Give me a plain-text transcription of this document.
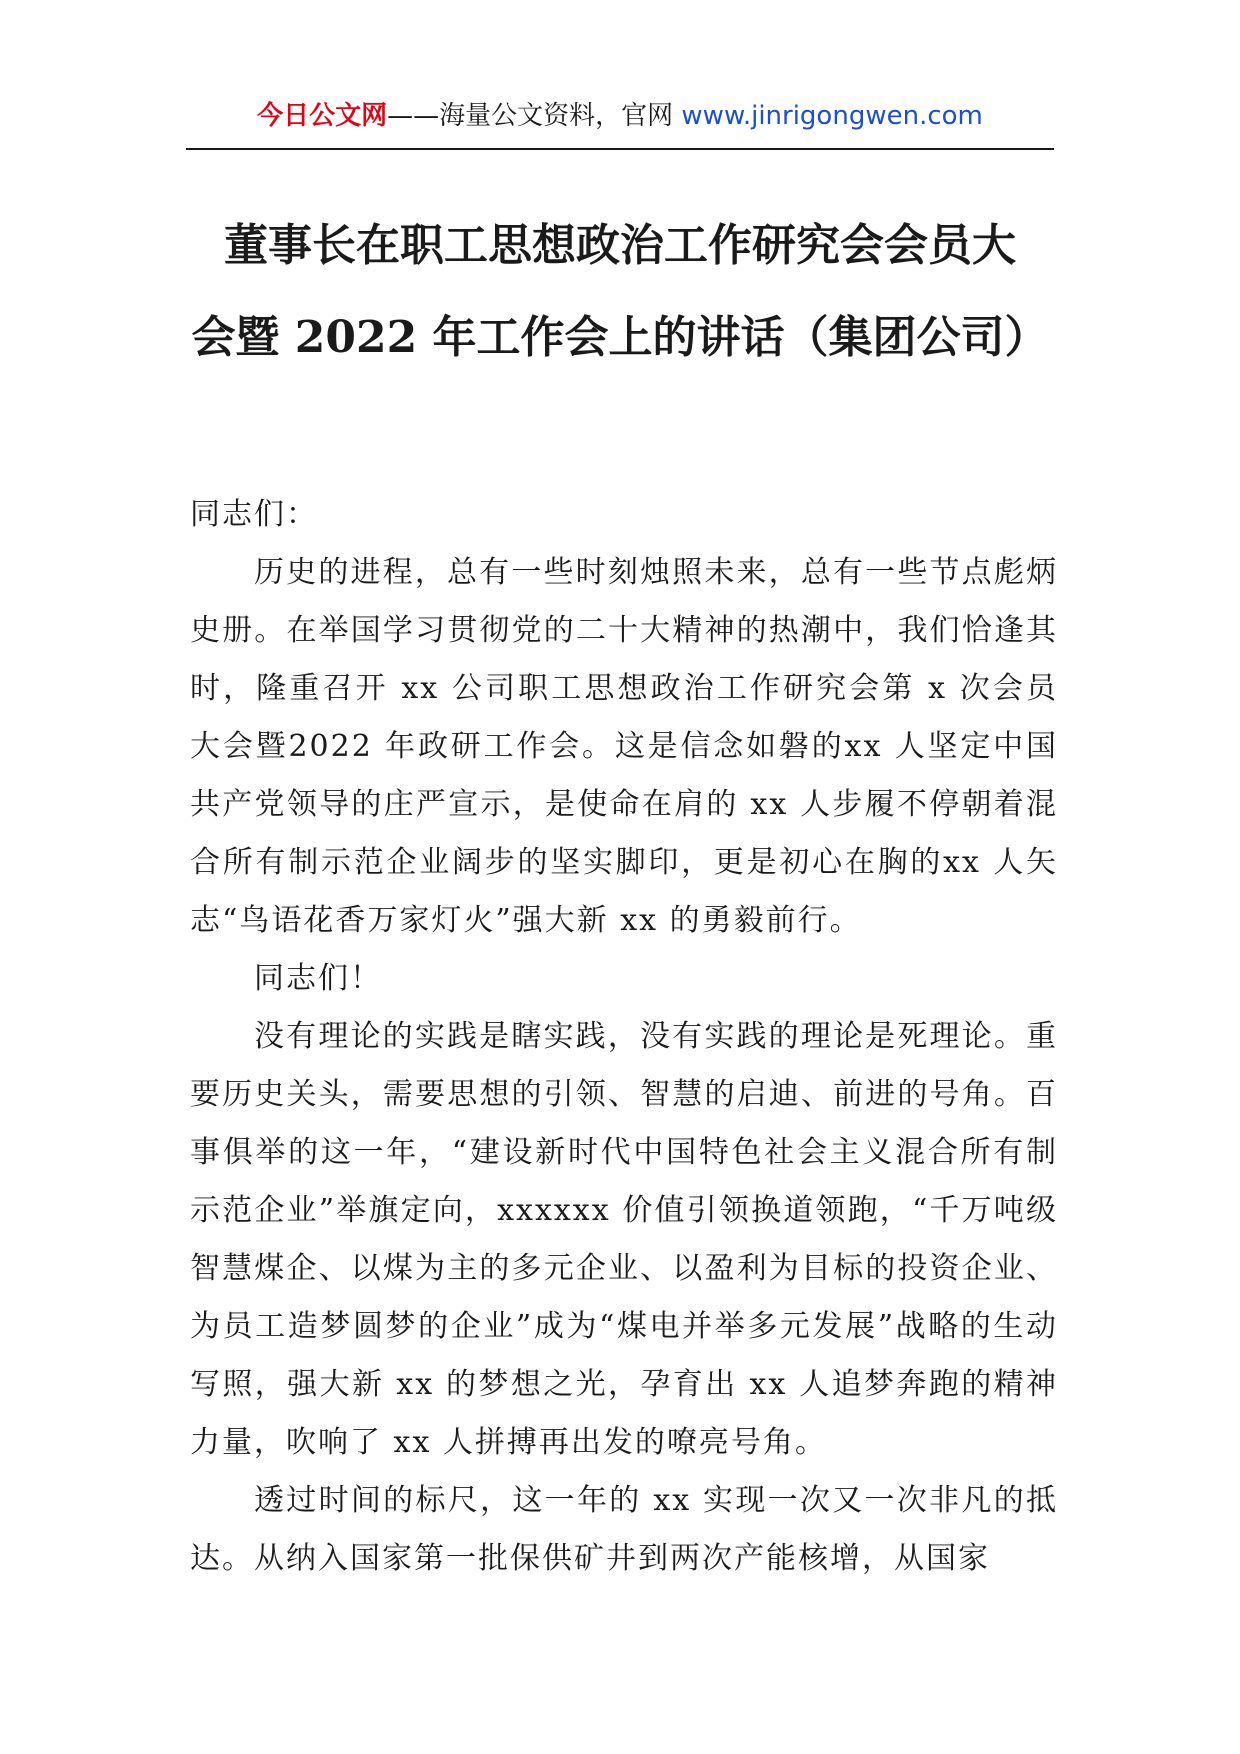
今日公文网——海量公文资料，官网 www.jinrigongwen.com
董事长在职工思想政治工作研究会会员大
会暨 2022 年工作会上的讲话（集团公司）

同志们：

历史的进程，总有一些时刻烛照未来，总有一些节点彪炳史册。在举国学习贯彻党的二十大精神的热潮中，我们恰逢其时，隆重召开 xx 公司职工思想政治工作研究会第 x 次会员大会暨2022 年政研工作会。这是信念如磐的xx 人坚定中国共产党领导的庄严宣示，是使命在肩的 xx 人步履不停朝着混合所有制示范企业阔步的坚实脚印，更是初心在胸的xx 人矢志“鸟语花香万家灯火”强大新 xx 的勇毅前行。

同志们！

没有理论的实践是瞎实践，没有实践的理论是死理论。重要历史关头，需要思想的引领、智慧的启迪、前进的号角。百事俱举的这一年，“建设新时代中国特色社会主义混合所有制示范企业”举旗定向，xxxxxx 价值引领换道领跑，“千万吨级智慧煤企、以煤为主的多元企业、以盈利为目标的投资企业、为员工造梦圆梦的企业”成为“煤电并举多元发展”战略的生动写照，强大新 xx 的梦想之光，孕育出 xx 人追梦奔跑的精神力量，吹响了 xx 人拼搏再出发的嘹亮号角。

透过时间的标尺，这一年的 xx 实现一次又一次非凡的抵达。从纳入国家第一批保供矿井到两次产能核增，从国家
